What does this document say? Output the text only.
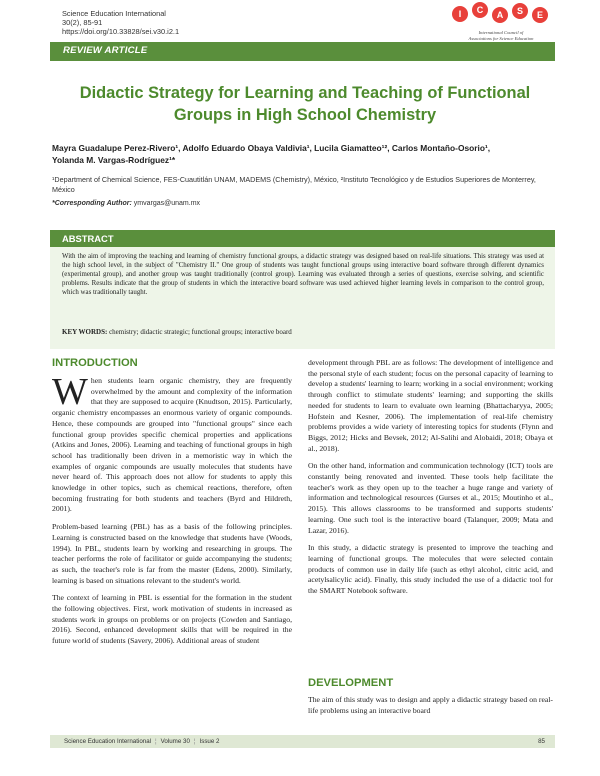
Science Education International
30(2), 85-91
https://doi.org/10.33828/sei.v30.i2.1
I	C	A	S	E
International Council of
Associations for Science Education
REVIEW ARTICLE
Didactic Strategy for Learning and Teaching of Functional Groups in High School Chemistry
Mayra Guadalupe Perez-Rivero¹, Adolfo Eduardo Obaya Valdivia¹, Lucila Giamatteo¹², Carlos Montaño-Osorio¹,
Yolanda M. Vargas-Rodríguez¹*
¹Department of Chemical Science, FES-Cuautitlán UNAM, MADEMS (Chemistry), México, ²Instituto Tecnológico y de Estudios Superiores de Monterrey, México
*Corresponding Author: ymvargas@unam.mx
ABSTRACT

With the aim of improving the teaching and learning of chemistry functional groups, a didactic strategy was designed based on real-life situations. This strategy was used at the high school level, in the subject of "Chemistry II." One group of students was taught functional groups using interactive board software through different dynamics (experimental group), and another group was taught traditionally (control group). Learning was evaluated through a series of questions, exercise solving, and scientific problems. Results indicate that the group of students in which the interactive board software was used achieved higher learning levels in comparison to the control group, which was traditionally taught.

KEY WORDS: chemistry; didactic strategic; functional groups; interactive board

INTRODUCTION

When students learn organic chemistry, they are frequently overwhelmed by the amount and complexity of the information that they are supposed to acquire (Knudtson, 2015). Particularly, organic chemistry encompasses an enormous variety of organic compounds. Hence, these compounds are grouped into "functional groups" since each functional group provides specific chemical properties and applications (Atkins and Jones, 2006). Learning and teaching of functional groups in high school has traditionally been driven in a memoristic way in which the examples of organic compounds are usually molecules that students have never heard of. This approach does not allow for students to apply this knowledge in other topics, such as chemical reactions, therefore, often becoming frustrating for both students and teachers (Byrd and Hildreth, 2001).

Problem-based learning (PBL) has as a basis of the following principles. Learning is constructed based on the knowledge that students have (Woods, 1994). In PBL, students learn by working and researching in groups. The teacher performs the role of facilitator or guide accompanying the students; as such, the teacher's role is far from the master (Edens, 2000). Similarly, learning is based on situations relevant to the student's world.

The context of learning in PBL is essential for the formation in the student the following objectives. First, work motivation of students in increased as students work in groups on problems or on projects (Cowden and Santiago, 2016). Second, enhanced development skills that will be required in the future world of students (Savery, 2006). Additional areas of student

development through PBL are as follows: The development of intelligence and the personal style of each student; focus on the personal capacity of learning to develop a students' learning to learn; working in a social environment; working through conflict to stimulate students' learning; and supporting the skills needed for students to learn to evaluate own learning (Bhattacharyya, 2005; Hofstein and Kesner, 2006). The implementation of real-life chemistry problems provides a wide variety of interesting topics for students (Flynn and Biggs, 2012; Hicks and Bevsek, 2012; Al-Salihi and Alobaidi, 2018; Obaya et al., 2018).

On the other hand, information and communication technology (ICT) tools are constantly being renovated and invented. These tools help facilitate the teacher's work as they open up to the teacher a huge range and variety of information and technological resources (Gurses et al., 2015; Moutinho et al., 2015). This allows classrooms to be transformed and supports students' learning. One such tool is the interactive board (Talanquer, 2009; Mata and Lazar, 2016).

In this study, a didactic strategy is presented to improve the teaching and learning of functional groups. The molecules that were selected contain products of common use in daily life (such as ethyl alcohol, citric acid, and acetylsalicylic acid). Finally, this study included the use of a didactic tool for the SMART Notebook software.

DEVELOPMENT

The aim of this study was to design and apply a didactic strategy based on real-life problems using an interactive board

Science Education International ¦ Volume 30 ¦ Issue 2	85
